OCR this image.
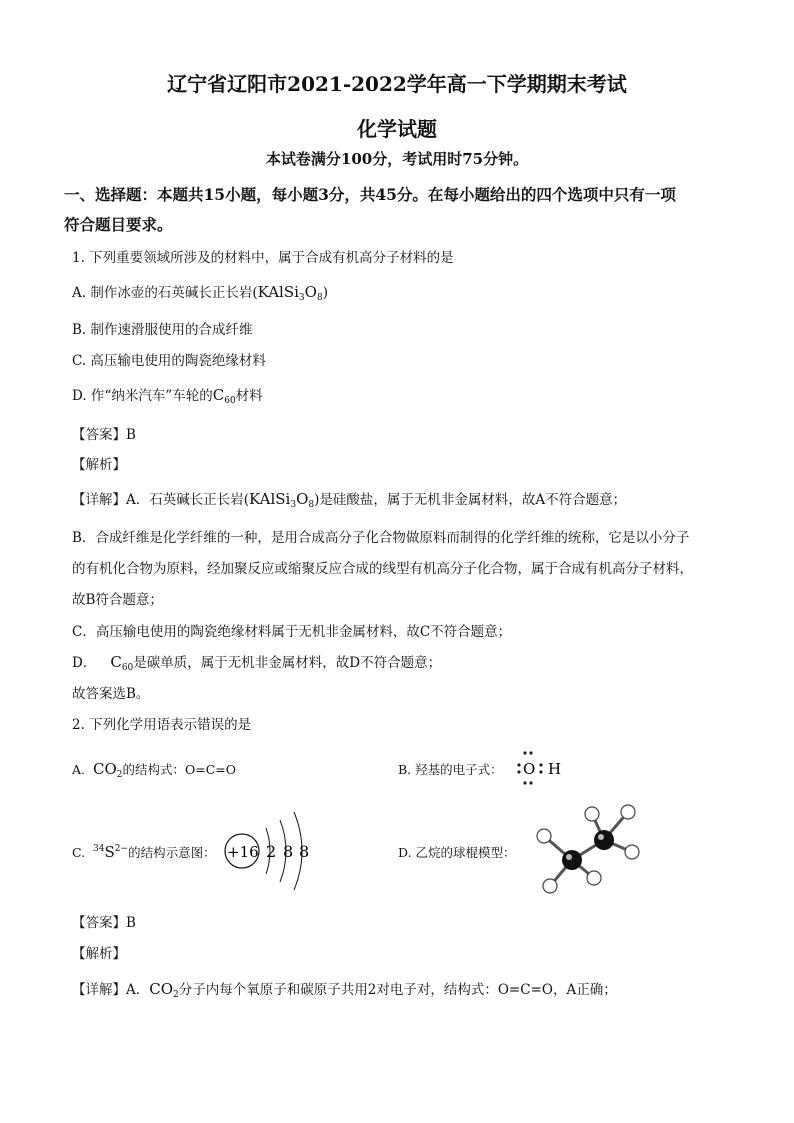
辽宁省辽阳市2021-2022学年高一下学期期末考试
化学试题
本试卷满分100分，考试用时75分钟。
一、选择题：本题共15小题，每小题3分，共45分。在每小题给出的四个选项中只有一项
符合题目要求。
1. 下列重要领域所涉及的材料中，属于合成有机高分子材料的是
A. 制作冰壶的石英碱长正长岩$(KAlSi_3O_8)$
B. 制作速滑服使用的合成纤维
C. 高压输电使用的陶瓷绝缘材料
D. 作“纳米汽车”车轮的$C_{60}$材料
【答案】B
【解析】
【详解】A．石英碱长正长岩$(KAlSi_3O_8)$是硅酸盐，属于无机非金属材料，故A不符合题意；
B．合成纤维是化学纤维的一种，是用合成高分子化合物做原料而制得的化学纤维的统称，它是以小分子
的有机化合物为原料，经加聚反应或缩聚反应合成的线型有机高分子化合物，属于合成有机高分子材料，
故B符合题意；
C．高压输电使用的陶瓷绝缘材料属于无机非金属材料，故C不符合题意；
D． $C_{60}$是碳单质，属于无机非金属材料，故D不符合题意；
故答案选B。
2. 下列化学用语表示错误的是
A. $CO_2$的结构式：O=C=O	B. 羟基的电子式： O H
C. $^{34}S^{2-}$的结构示意图： +16 2 8 8	D. 乙烷的球棍模型：
【答案】B
【解析】
【详解】A．$CO_2$分子内每个氧原子和碳原子共用2对电子对，结构式：O=C=O，A正确；
